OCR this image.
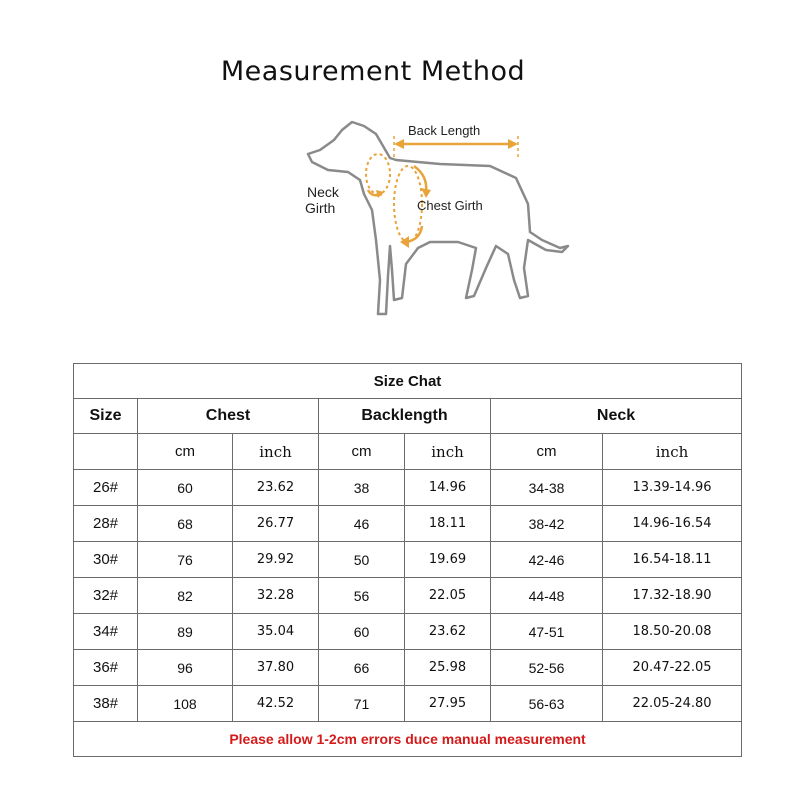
Measurement Method
Back Length
Neck
Girth	Chest Girth
Size Chat						
Size	Chest		Backlength		Neck	
	cm	inch	cm	inch	cm	inch
26#	60	23.62	38	14.96	34-38	13.39-14.96
28#	68	26.77	46	18.11	38-42	14.96-16.54
30#	76	29.92	50	19.69	42-46	16.54-18.11
32#	82	32.28	56	22.05	44-48	17.32-18.90
34#	89	35.04	60	23.62	47-51	18.50-20.08
36#	96	37.80	66	25.98	52-56	20.47-22.05
38#	108	42.52	71	27.95	56-63	22.05-24.80
Please allow 1-2cm errors duce manual measurement						
